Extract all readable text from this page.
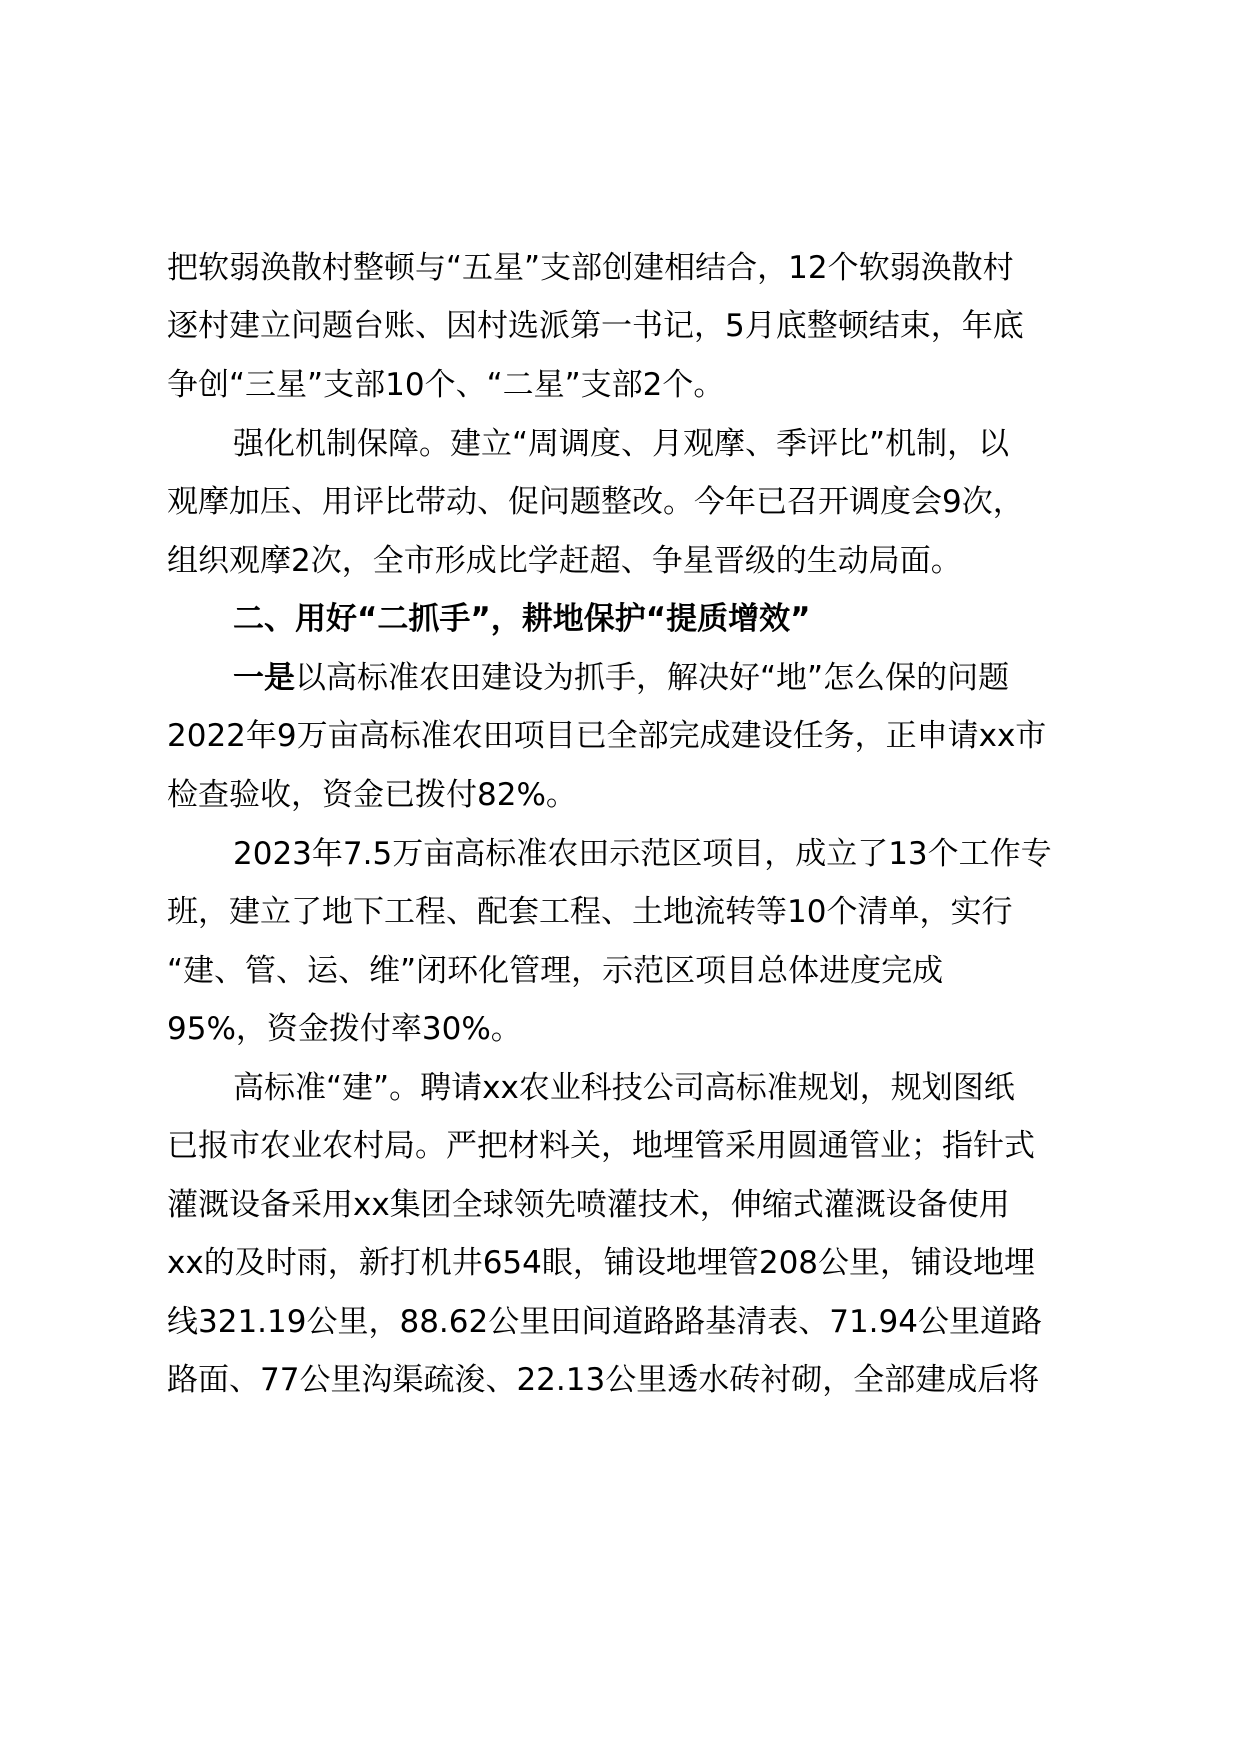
把软弱涣散村整顿与“五星”支部创建相结合，12个软弱涣散村
逐村建立问题台账、因村选派第一书记，5月底整顿结束，年底
争创“三星”支部10个、“二星”支部2个。
强化机制保障。建立“周调度、月观摩、季评比”机制，以
观摩加压、用评比带动、促问题整改。今年已召开调度会9次，
组织观摩2次，全市形成比学赶超、争星晋级的生动局面。
二、用好“二抓手”，耕地保护“提质增效”
一是以高标准农田建设为抓手，解决好“地”怎么保的问题
2022年9万亩高标准农田项目已全部完成建设任务，正申请xx市
检查验收，资金已拨付82%。
2023年7.5万亩高标准农田示范区项目，成立了13个工作专
班，建立了地下工程、配套工程、土地流转等10个清单，实行
“建、管、运、维”闭环化管理，示范区项目总体进度完成
95%，资金拨付率30%。
高标准“建”。聘请xx农业科技公司高标准规划，规划图纸
已报市农业农村局。严把材料关，地埋管采用圆通管业；指针式
灌溉设备采用xx集团全球领先喷灌技术，伸缩式灌溉设备使用
xx的及时雨，新打机井654眼，铺设地埋管208公里，铺设地埋
线321.19公里，88.62公里田间道路路基清表、71.94公里道路
路面、77公里沟渠疏浚、22.13公里透水砖衬砌，全部建成后将
